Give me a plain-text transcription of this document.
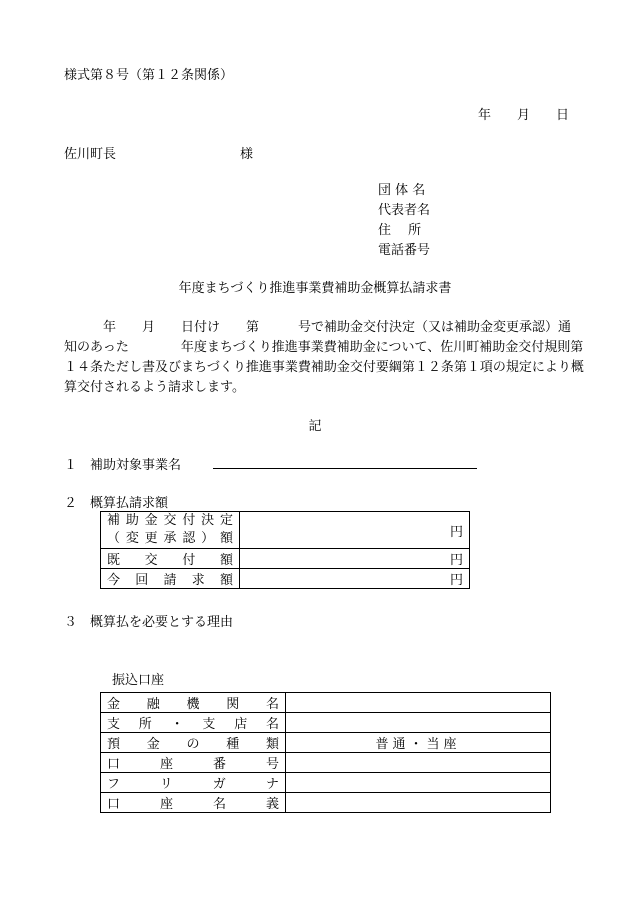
様式第８号（第１２条関係）
年 月 日
佐川町長	様
団 体 名
代表者名
住　 所
電話番号
年度まちづくり推進事業費補助金概算払請求書
　　　年　　月　　日付け　　第　　　号で補助金交付決定（又は補助金変更承認）通
知のあった　　　　年度まちづくり推進事業費補助金について、佐川町補助金交付規則第
１４条ただし書及びまちづくり推進事業費補助金交付要綱第１２条第１項の規定により概
算交付されるよう請求します。
記
１　補助対象事業名
２　概算払請求額
補助金交付決定
（変更承認）額	円
既交付額	円
今回請求額	円
３　概算払を必要とする理由
振込口座
金融機関名	
支所・支店名	
預金の種類	普通・当座
口座番号	
フリガナ	
口座名義	
